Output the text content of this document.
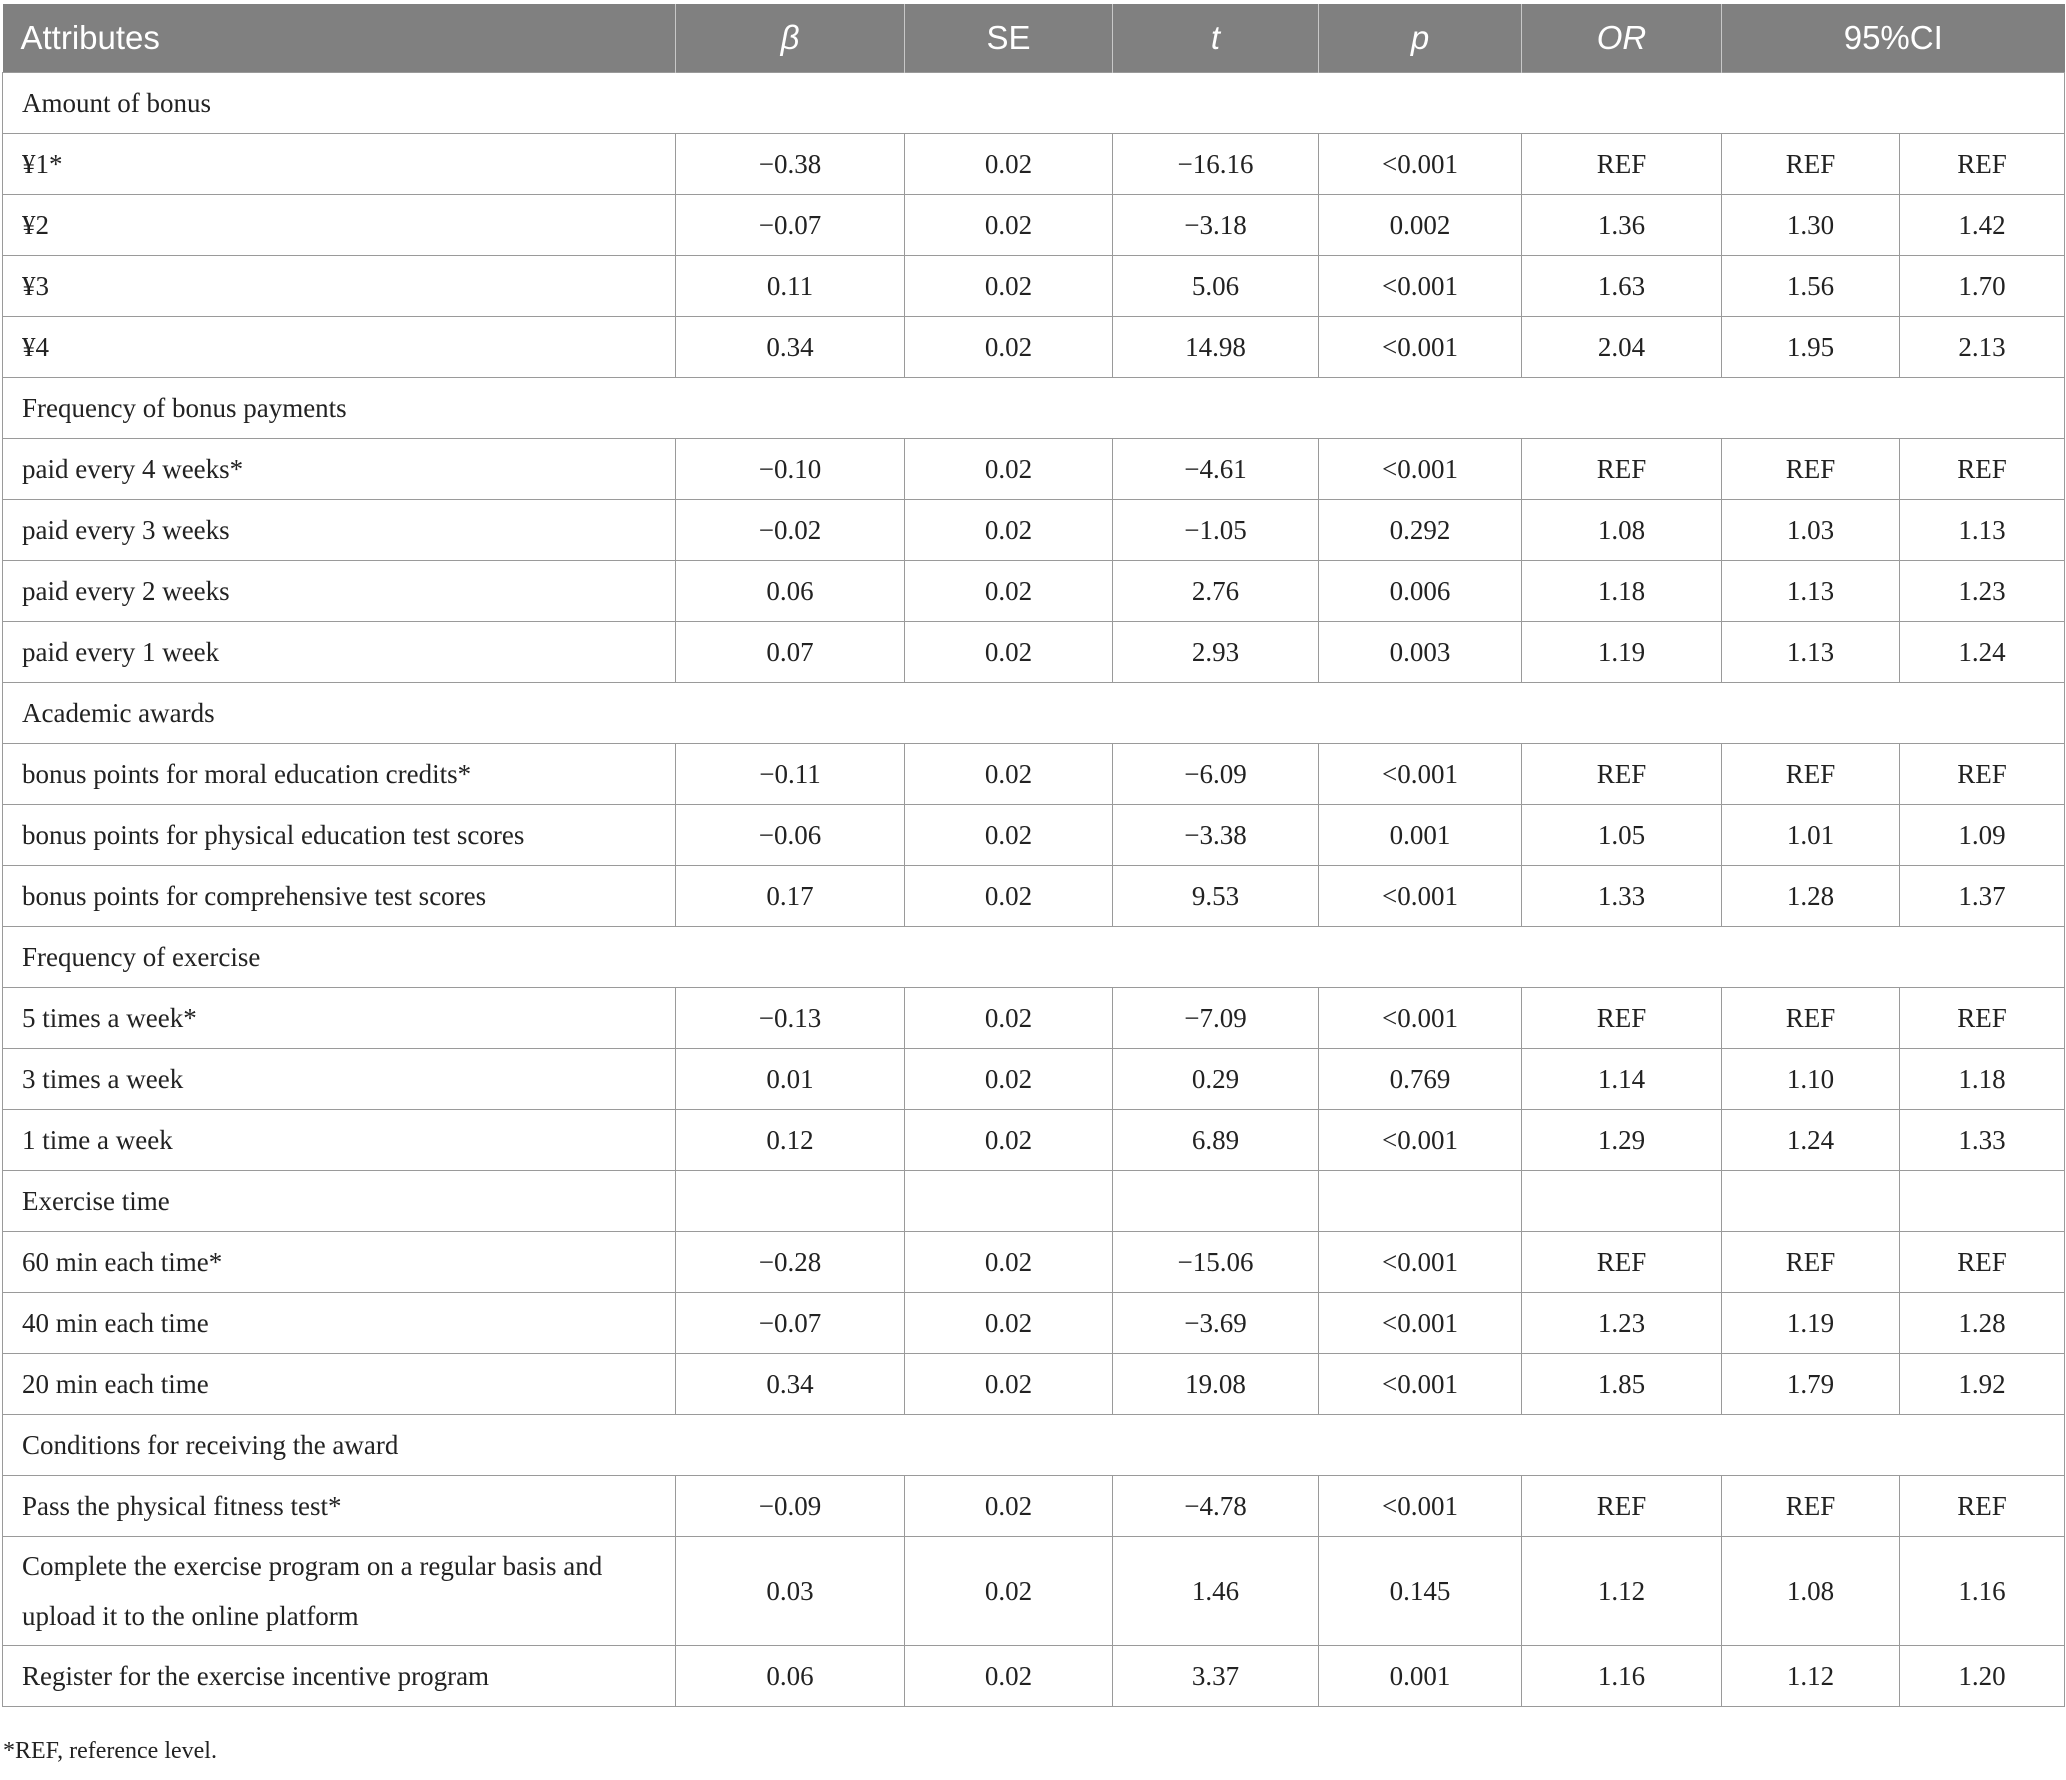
Attributes	β	SE	t	p	OR	95%CI	
Amount of bonus							
¥1*	−0.38	0.02	−16.16	<0.001	REF	REF	REF
¥2	−0.07	0.02	−3.18	0.002	1.36	1.30	1.42
¥3	0.11	0.02	5.06	<0.001	1.63	1.56	1.70
¥4	0.34	0.02	14.98	<0.001	2.04	1.95	2.13
Frequency of bonus payments							
paid every 4 weeks*	−0.10	0.02	−4.61	<0.001	REF	REF	REF
paid every 3 weeks	−0.02	0.02	−1.05	0.292	1.08	1.03	1.13
paid every 2 weeks	0.06	0.02	2.76	0.006	1.18	1.13	1.23
paid every 1 week	0.07	0.02	2.93	0.003	1.19	1.13	1.24
Academic awards							
bonus points for moral education credits*	−0.11	0.02	−6.09	<0.001	REF	REF	REF
bonus points for physical education test scores	−0.06	0.02	−3.38	0.001	1.05	1.01	1.09
bonus points for comprehensive test scores	0.17	0.02	9.53	<0.001	1.33	1.28	1.37
Frequency of exercise							
5 times a week*	−0.13	0.02	−7.09	<0.001	REF	REF	REF
3 times a week	0.01	0.02	0.29	0.769	1.14	1.10	1.18
1 time a week	0.12	0.02	6.89	<0.001	1.29	1.24	1.33
Exercise time							
60 min each time*	−0.28	0.02	−15.06	<0.001	REF	REF	REF
40 min each time	−0.07	0.02	−3.69	<0.001	1.23	1.19	1.28
20 min each time	0.34	0.02	19.08	<0.001	1.85	1.79	1.92
Conditions for receiving the award							
Pass the physical fitness test*	−0.09	0.02	−4.78	<0.001	REF	REF	REF
Complete the exercise program on a regular basis and upload it to the online platform	0.03	0.02	1.46	0.145	1.12	1.08	1.16
Register for the exercise incentive program	0.06	0.02	3.37	0.001	1.16	1.12	1.20
*REF, reference level.
